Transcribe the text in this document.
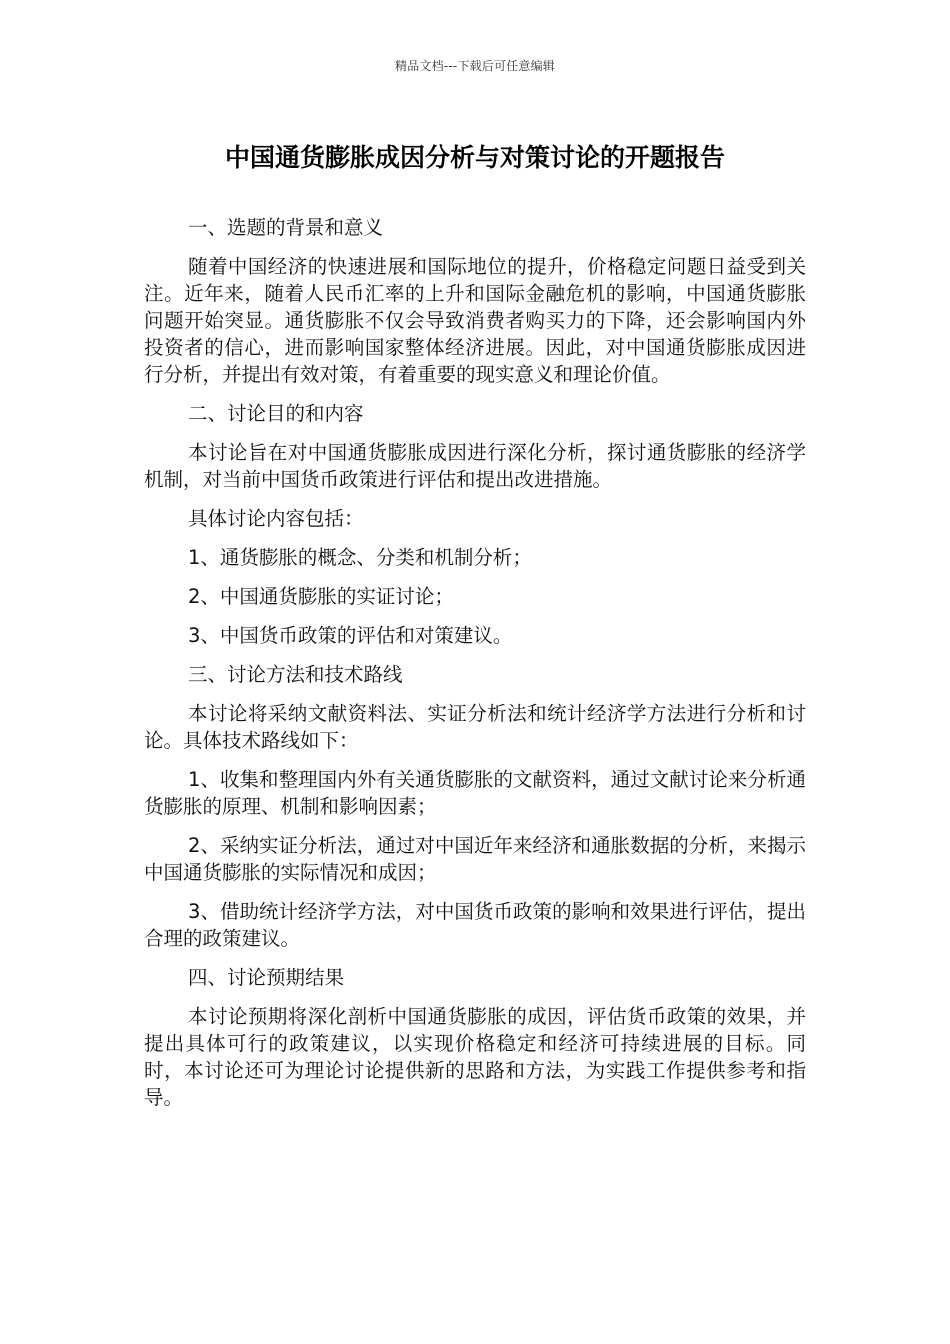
精品文档---下载后可任意编辑
中国通货膨胀成因分析与对策讨论的开题报告

一、选题的背景和意义

随着中国经济的快速进展和国际地位的提升，价格稳定问题日益受到关注。近年来，随着人民币汇率的上升和国际金融危机的影响，中国通货膨胀问题开始突显。通货膨胀不仅会导致消费者购买力的下降，还会影响国内外投资者的信心，进而影响国家整体经济进展。因此，对中国通货膨胀成因进行分析，并提出有效对策，有着重要的现实意义和理论价值。

二、讨论目的和内容

本讨论旨在对中国通货膨胀成因进行深化分析，探讨通货膨胀的经济学机制，对当前中国货币政策进行评估和提出改进措施。

具体讨论内容包括：

1、通货膨胀的概念、分类和机制分析；

2、中国通货膨胀的实证讨论；

3、中国货币政策的评估和对策建议。

三、讨论方法和技术路线

本讨论将采纳文献资料法、实证分析法和统计经济学方法进行分析和讨论。具体技术路线如下：

1、收集和整理国内外有关通货膨胀的文献资料，通过文献讨论来分析通货膨胀的原理、机制和影响因素；

2、采纳实证分析法，通过对中国近年来经济和通胀数据的分析，来揭示中国通货膨胀的实际情况和成因；

3、借助统计经济学方法，对中国货币政策的影响和效果进行评估，提出合理的政策建议。

四、讨论预期结果

本讨论预期将深化剖析中国通货膨胀的成因，评估货币政策的效果，并提出具体可行的政策建议，以实现价格稳定和经济可持续进展的目标。同时，本讨论还可为理论讨论提供新的思路和方法，为实践工作提供参考和指导。
